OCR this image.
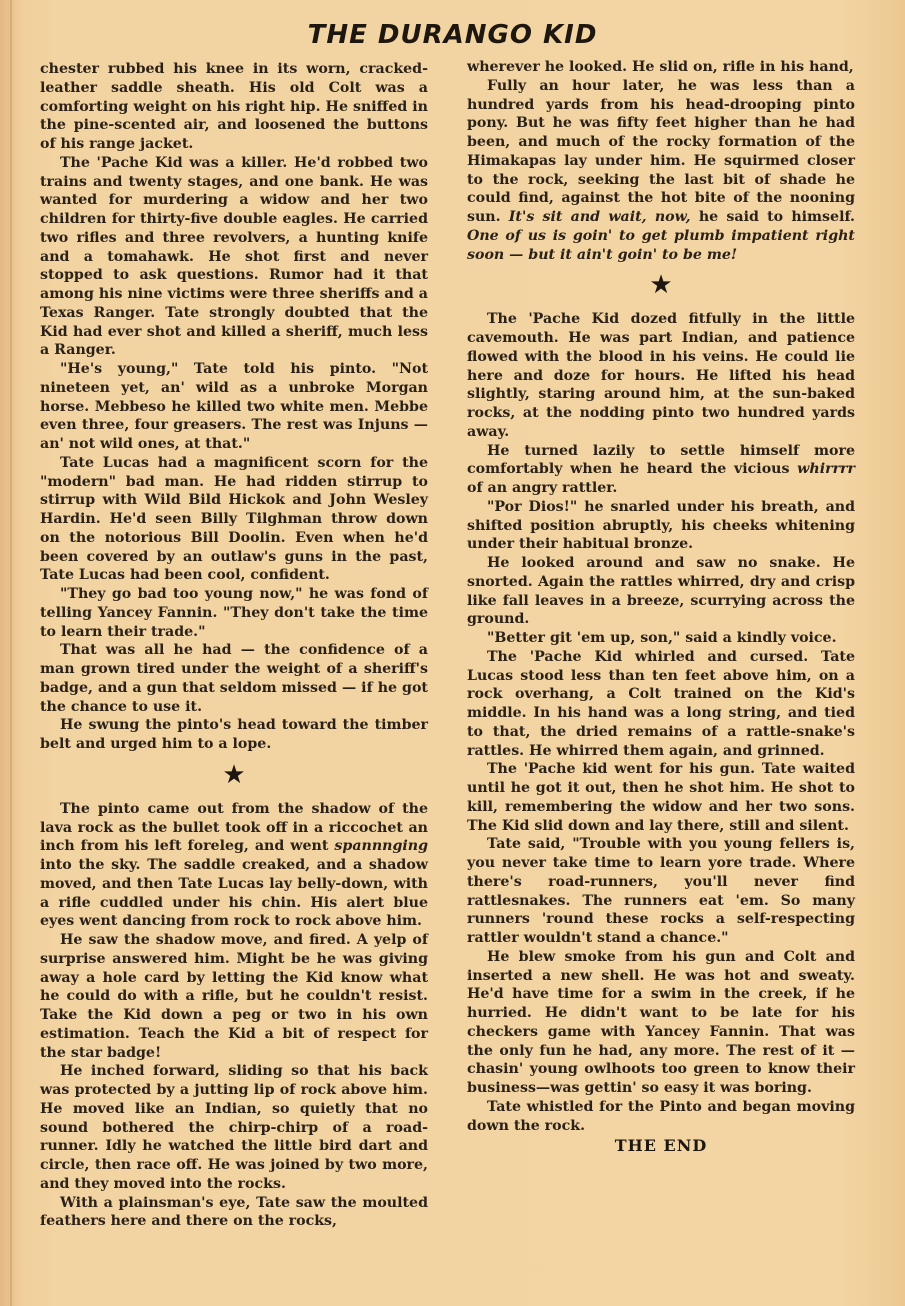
THE DURANGO KID

chester rubbed his knee in its worn, cracked-leather saddle sheath. His old Colt was a comforting weight on his right hip. He sniffed in the pine-scented air, and loosened the buttons of his range jacket.

The 'Pache Kid was a killer. He'd robbed two trains and twenty stages, and one bank. He was wanted for murdering a widow and her two children for thirty-five double eagles. He carried two rifles and three revolvers, a hunting knife and a tomahawk. He shot first and never stopped to ask questions. Rumor had it that among his nine victims were three sheriffs and a Texas Ranger. Tate strongly doubted that the Kid had ever shot and killed a sheriff, much less a Ranger.

"He's young," Tate told his pinto. "Not nineteen yet, an' wild as a unbroke Morgan horse. Mebbeso he killed two white men. Mebbe even three, four greasers. The rest was Injuns — an' not wild ones, at that."

Tate Lucas had a magnificent scorn for the "modern" bad man. He had ridden stirrup to stirrup with Wild Bild Hickok and John Wesley Hardin. He'd seen Billy Tilghman throw down on the notorious Bill Doolin. Even when he'd been covered by an outlaw's guns in the past, Tate Lucas had been cool, confident.

"They go bad too young now," he was fond of telling Yancey Fannin. "They don't take the time to learn their trade."

That was all he had — the confidence of a man grown tired under the weight of a sheriff's badge, and a gun that seldom missed — if he got the chance to use it.

He swung the pinto's head toward the timber belt and urged him to a lope.

★

The pinto came out from the shadow of the lava rock as the bullet took off in a riccochet an inch from his left foreleg, and went spannnging into the sky. The saddle creaked, and a shadow moved, and then Tate Lucas lay belly-down, with a rifle cuddled under his chin. His alert blue eyes went dancing from rock to rock above him.

He saw the shadow move, and fired. A yelp of surprise answered him. Might be he was giving away a hole card by letting the Kid know what he could do with a rifle, but he couldn't resist. Take the Kid down a peg or two in his own estimation. Teach the Kid a bit of respect for the star badge!

He inched forward, sliding so that his back was protected by a jutting lip of rock above him. He moved like an Indian, so quietly that no sound bothered the chirp-chirp of a road-runner. Idly he watched the little bird dart and circle, then race off. He was joined by two more, and they moved into the rocks.

With a plainsman's eye, Tate saw the moulted feathers here and there on the rocks,

wherever he looked. He slid on, rifle in his hand,

Fully an hour later, he was less than a hundred yards from his head-drooping pinto pony. But he was fifty feet higher than he had been, and much of the rocky formation of the Himakapas lay under him. He squirmed closer to the rock, seeking the last bit of shade he could find, against the hot bite of the nooning sun. It's sit and wait, now, he said to himself. One of us is goin' to get plumb impatient right soon — but it ain't goin' to be me!

★

The 'Pache Kid dozed fitfully in the little cavemouth. He was part Indian, and patience flowed with the blood in his veins. He could lie here and doze for hours. He lifted his head slightly, staring around him, at the sun-baked rocks, at the nodding pinto two hundred yards away.

He turned lazily to settle himself more comfortably when he heard the vicious whirrrr of an angry rattler.

"Por Dios!" he snarled under his breath, and shifted position abruptly, his cheeks whitening under their habitual bronze.

He looked around and saw no snake. He snorted. Again the rattles whirred, dry and crisp like fall leaves in a breeze, scurrying across the ground.

"Better git 'em up, son," said a kindly voice.

The 'Pache Kid whirled and cursed. Tate Lucas stood less than ten feet above him, on a rock overhang, a Colt trained on the Kid's middle. In his hand was a long string, and tied to that, the dried remains of a rattle-snake's rattles. He whirred them again, and grinned.

The 'Pache kid went for his gun. Tate waited until he got it out, then he shot him. He shot to kill, remembering the widow and her two sons. The Kid slid down and lay there, still and silent.

Tate said, "Trouble with you young fellers is, you never take time to learn yore trade. Where there's road-runners, you'll never find rattlesnakes. The runners eat 'em. So many runners 'round these rocks a self-respecting rattler wouldn't stand a chance."

He blew smoke from his gun and Colt and inserted a new shell. He was hot and sweaty. He'd have time for a swim in the creek, if he hurried. He didn't want to be late for his checkers game with Yancey Fannin. That was the only fun he had, any more. The rest of it — chasin' young owlhoots too green to know their business—was gettin' so easy it was boring.

Tate whistled for the Pinto and began moving down the rock.

THE END
